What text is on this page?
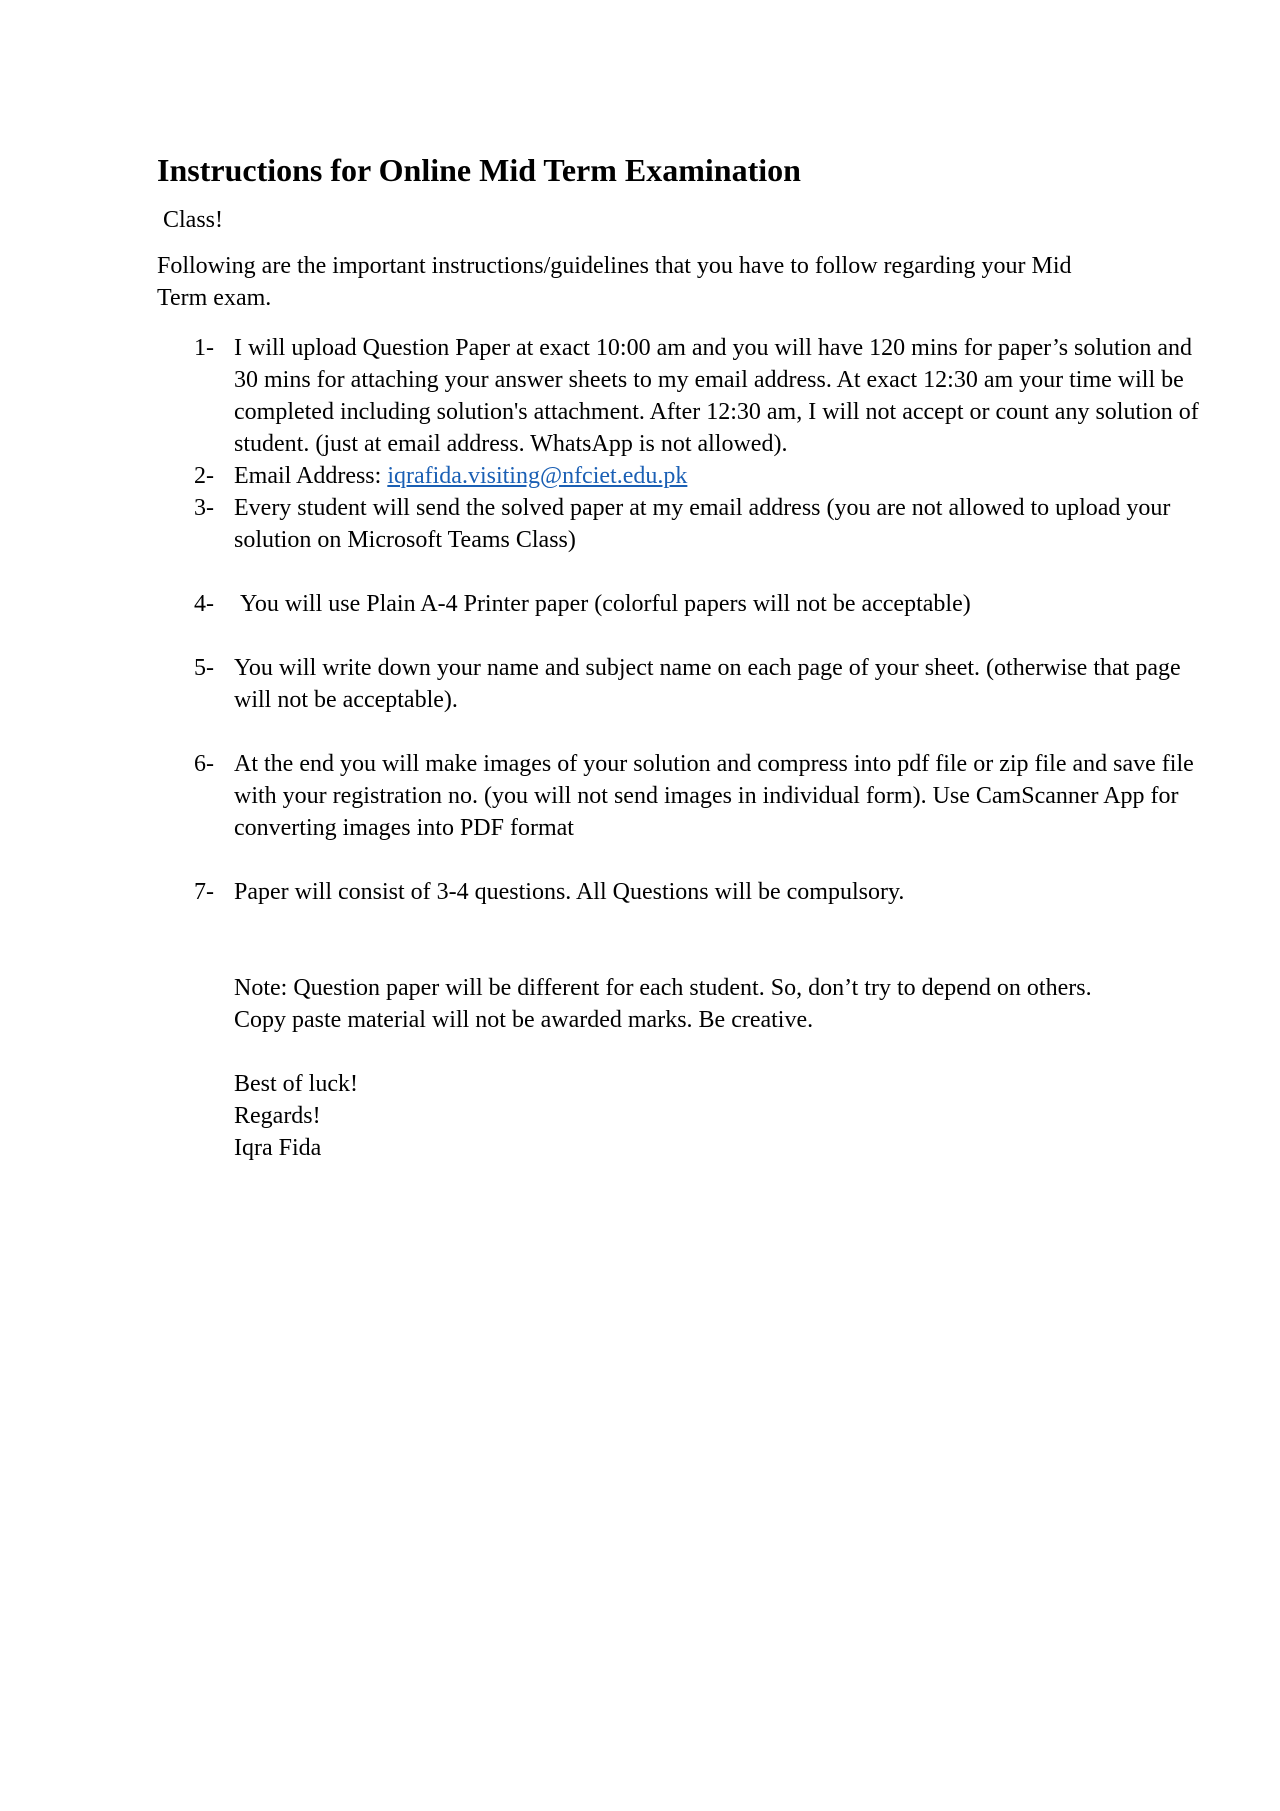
Instructions for Online Mid Term Examination

Class!

Following are the important instructions/guidelines that you have to follow regarding your Mid Term exam.

1- I will upload Question Paper at exact 10:00 am and you will have 120 mins for paper’s solution and 30 mins for attaching your answer sheets to my email address. At exact 12:30 am your time will be completed including solution's attachment. After 12:30 am, I will not accept or count any solution of student. (just at email address. WhatsApp is not allowed).
2- Email Address: iqrafida.visiting@nfciet.edu.pk
3- Every student will send the solved paper at my email address (you are not allowed to upload your solution on Microsoft Teams Class)
4- You will use Plain A-4 Printer paper (colorful papers will not be acceptable)
5- You will write down your name and subject name on each page of your sheet. (otherwise that page will not be acceptable).
6- At the end you will make images of your solution and compress into pdf file or zip file and save file with your registration no. (you will not send images in individual form). Use CamScanner App for converting images into PDF format
7- Paper will consist of 3-4 questions. All Questions will be compulsory.

Note: Question paper will be different for each student. So, don’t try to depend on others. Copy paste material will not be awarded marks. Be creative.

Best of luck!
Regards!
Iqra Fida
